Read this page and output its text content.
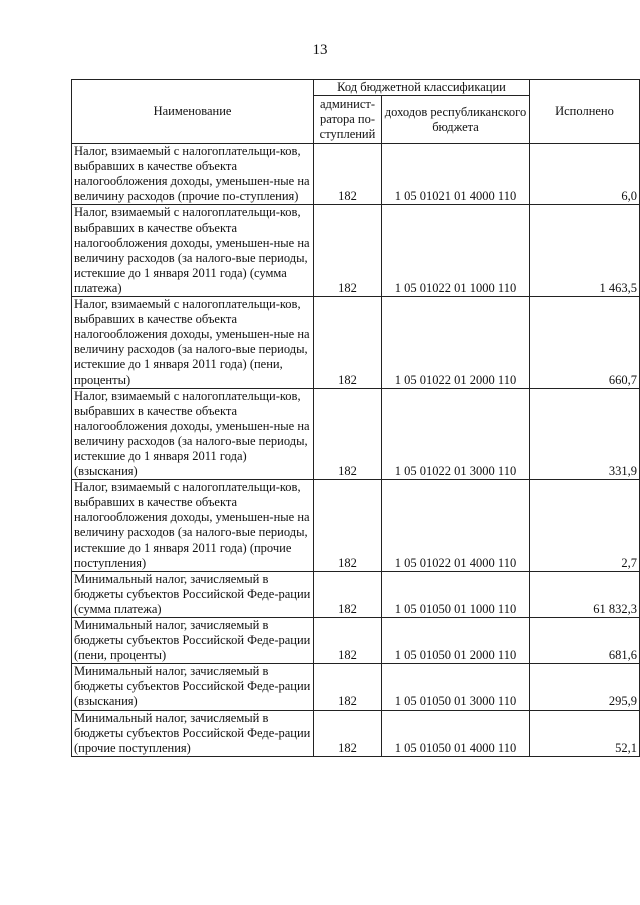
13
Наименование	Код бюджетной классификации		Исполнено
	админист-ратора по-ступлений	доходов республиканского бюджета	
Налог, взимаемый с налогоплательщи-ков, выбравших в качестве объекта налогообложения доходы, уменьшен-ные на величину расходов (прочие по-ступления)	182	1 05 01021 01 4000 110	6,0
Налог, взимаемый с налогоплательщи-ков, выбравших в качестве объекта налогообложения доходы, уменьшен-ные на величину расходов (за налого-вые периоды, истекшие до 1 января 2011 года) (сумма платежа)	182	1 05 01022 01 1000 110	1 463,5
Налог, взимаемый с налогоплательщи-ков, выбравших в качестве объекта налогообложения доходы, уменьшен-ные на величину расходов (за налого-вые периоды, истекшие до 1 января 2011 года) (пени, проценты)	182	1 05 01022 01 2000 110	660,7
Налог, взимаемый с налогоплательщи-ков, выбравших в качестве объекта налогообложения доходы, уменьшен-ные на величину расходов (за налого-вые периоды, истекшие до 1 января 2011 года) (взыскания)	182	1 05 01022 01 3000 110	331,9
Налог, взимаемый с налогоплательщи-ков, выбравших в качестве объекта налогообложения доходы, уменьшен-ные на величину расходов (за налого-вые периоды, истекшие до 1 января 2011 года) (прочие поступления)	182	1 05 01022 01 4000 110	2,7
Минимальный налог, зачисляемый в бюджеты субъектов Российской Феде-рации (сумма платежа)	182	1 05 01050 01 1000 110	61 832,3
Минимальный налог, зачисляемый в бюджеты субъектов Российской Феде-рации (пени, проценты)	182	1 05 01050 01 2000 110	681,6
Минимальный налог, зачисляемый в бюджеты субъектов Российской Феде-рации (взыскания)	182	1 05 01050 01 3000 110	295,9
Минимальный налог, зачисляемый в бюджеты субъектов Российской Феде-рации (прочие поступления)	182	1 05 01050 01 4000 110	52,1
